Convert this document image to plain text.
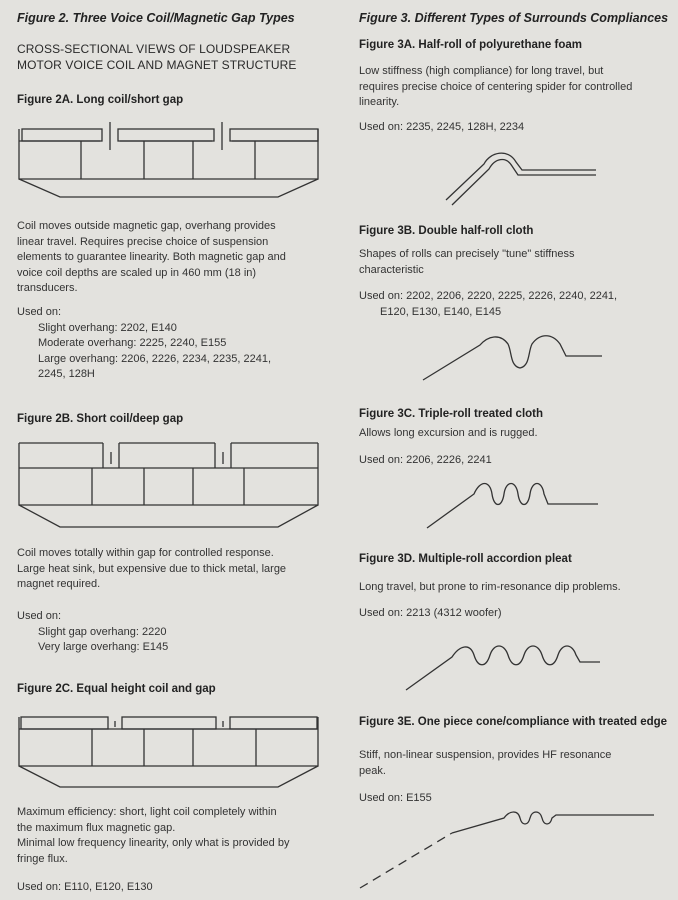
Figure 2. Three Voice Coil/Magnetic Gap Types
CROSS-SECTIONAL VIEWS OF LOUDSPEAKER
MOTOR VOICE COIL AND MAGNET STRUCTURE
Figure 2A. Long coil/short gap
Coil moves outside magnetic gap, overhang provides
linear travel. Requires precise choice of suspension
elements to guarantee linearity. Both magnetic gap and
voice coil depths are scaled up in 460 mm (18 in)
transducers.
Used on:
Slight overhang: 2202, E140
Moderate overhang: 2225, 2240, E155
Large overhang: 2206, 2226, 2234, 2235, 2241,
2245, 128H
Figure 2B. Short coil/deep gap
Coil moves totally within gap for controlled response.
Large heat sink, but expensive due to thick metal, large
magnet required.
Used on:
Slight gap overhang: 2220
Very large overhang: E145
Figure 2C. Equal height coil and gap
Maximum efficiency: short, light coil completely within
the maximum flux magnetic gap.
Minimal low frequency linearity, only what is provided by
fringe flux.
Used on: E110, E120, E130
Figure 3. Different Types of Surrounds Compliances
Figure 3A. Half-roll of polyurethane foam
Low stiffness (high compliance) for long travel, but
requires precise choice of centering spider for controlled
linearity.
Used on: 2235, 2245, 128H, 2234
Figure 3B. Double half-roll cloth
Shapes of rolls can precisely "tune" stiffness
characteristic
Used on: 2202, 2206, 2220, 2225, 2226, 2240, 2241,
E120, E130, E140, E145
Figure 3C. Triple-roll treated cloth
Allows long excursion and is rugged.
Used on: 2206, 2226, 2241
Figure 3D. Multiple-roll accordion pleat
Long travel, but prone to rim-resonance dip problems.
Used on: 2213 (4312 woofer)
Figure 3E. One piece cone/compliance with treated edge
Stiff, non-linear suspension, provides HF resonance
peak.
Used on: E155
